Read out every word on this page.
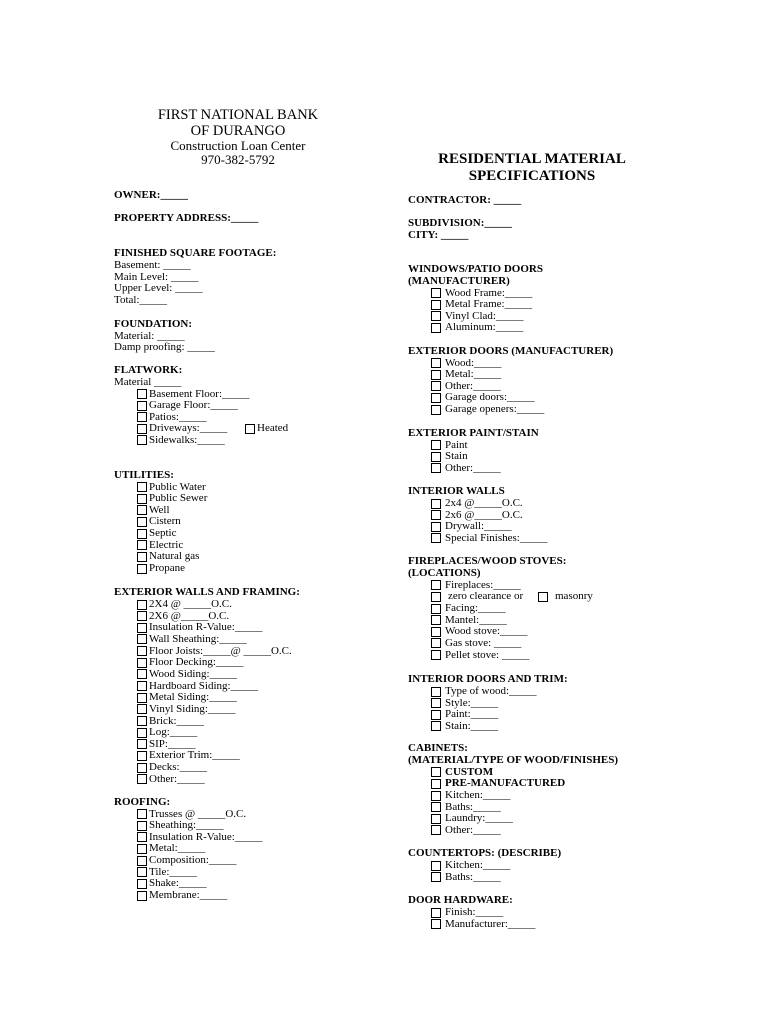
FIRST NATIONAL BANK
OF DURANGO
Construction Loan Center
970-382-5792	RESIDENTIAL MATERIAL
SPECIFICATIONS
OWNER:_____
PROPERTY ADDRESS:_____
FINISHED SQUARE FOOTAGE:
Basement: _____
Main Level: _____
Upper Level: _____
Total:_____
FOUNDATION:
Material: _____
Damp proofing: _____
FLATWORK:
Material _____
Basement Floor:_____
Garage Floor:_____
Patios:_____
Driveways:_____	Heated
Sidewalks:_____
UTILITIES:
Public Water
Public Sewer
Well
Cistern
Septic
Electric
Natural gas
Propane
EXTERIOR WALLS AND FRAMING:
2X4 @ _____O.C.
2X6 @_____O.C.
Insulation R-Value:_____
Wall Sheathing:_____
Floor Joists:_____@ _____O.C.
Floor Decking:_____
Wood Siding:_____
Hardboard Siding:_____
Metal Siding:_____
Vinyl Siding:_____
Brick:_____
Log:_____
SIP:_____
Exterior Trim:_____
Decks:_____
Other:_____
ROOFING:
Trusses @ _____O.C.
Sheathing:_____
Insulation R-Value:_____
Metal:_____
Composition:_____
Tile:_____
Shake:_____
Membrane:_____
CONTRACTOR: _____
SUBDIVISION:_____
CITY: _____
WINDOWS/PATIO DOORS
(MANUFACTURER)
Wood Frame:_____
Metal Frame:_____
Vinyl Clad:_____
Aluminum:_____
EXTERIOR DOORS (MANUFACTURER)
Wood:_____
Metal:_____
Other:_____
Garage doors:_____
Garage openers:_____
EXTERIOR PAINT/STAIN
Paint
Stain
Other:_____
INTERIOR WALLS
2x4 @_____O.C.
2x6 @_____O.C.
Drywall:_____
Special Finishes:_____
FIREPLACES/WOOD STOVES:
(LOCATIONS)
Fireplaces:_____
zero clearance or	masonry
Facing:_____
Mantel:_____
Wood stove:_____
Gas stove: _____
Pellet stove: _____
INTERIOR DOORS AND TRIM:
Type of wood:_____
Style:_____
Paint:_____
Stain:_____
CABINETS:
(MATERIAL/TYPE OF WOOD/FINISHES)
CUSTOM
PRE-MANUFACTURED
Kitchen:_____
Baths:_____
Laundry:_____
Other:_____
COUNTERTOPS: (DESCRIBE)
Kitchen:_____
Baths:_____
DOOR HARDWARE:
Finish:_____
Manufacturer:_____
